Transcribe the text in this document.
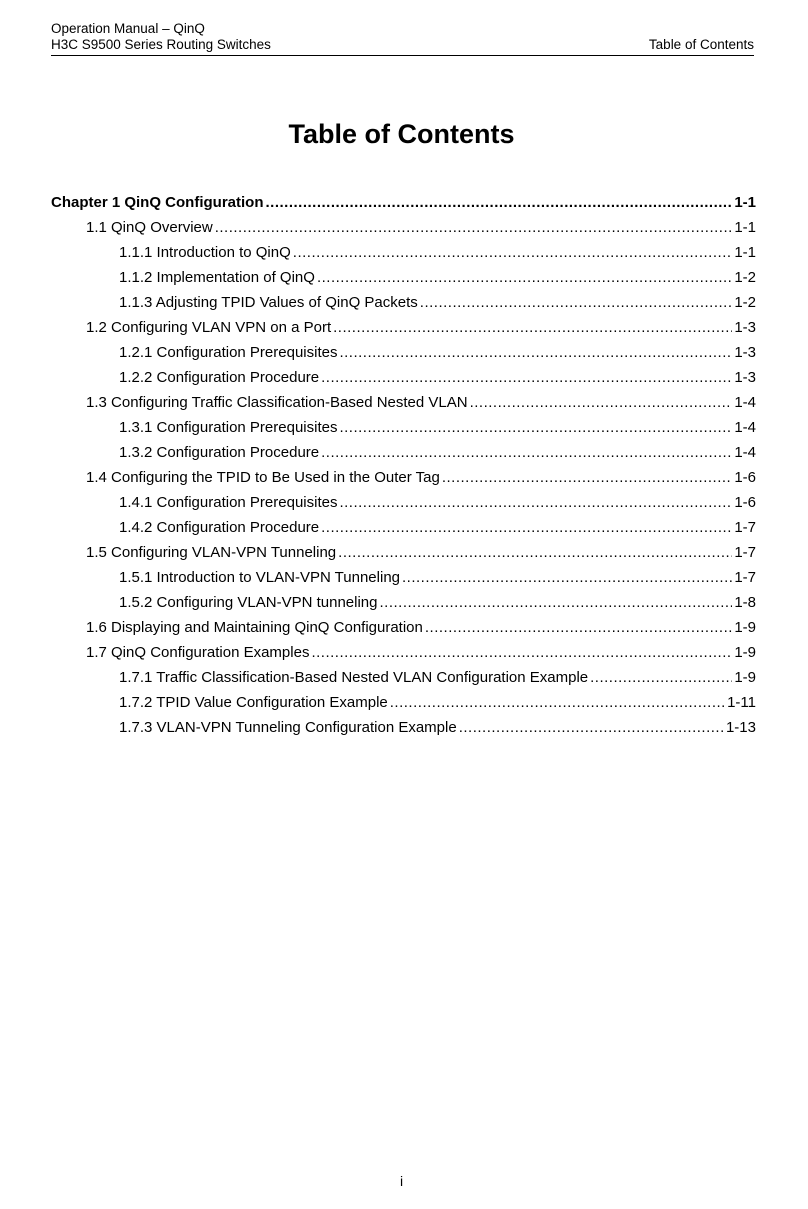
Operation Manual – QinQ
H3C S9500 Series Routing Switches	Table of Contents
Table of Contents
Chapter 1 QinQ Configuration .....	1-1
1.1 QinQ Overview .....	1-1
1.1.1 Introduction to QinQ .....	1-1
1.1.2 Implementation of QinQ .....	1-2
1.1.3 Adjusting TPID Values of QinQ Packets .....	1-2
1.2 Configuring VLAN VPN on a Port .....	1-3
1.2.1 Configuration Prerequisites .....	1-3
1.2.2 Configuration Procedure .....	1-3
1.3 Configuring Traffic Classification-Based Nested VLAN .....	1-4
1.3.1 Configuration Prerequisites .....	1-4
1.3.2 Configuration Procedure .....	1-4
1.4 Configuring the TPID to Be Used in the Outer Tag .....	1-6
1.4.1 Configuration Prerequisites .....	1-6
1.4.2 Configuration Procedure .....	1-7
1.5 Configuring VLAN-VPN Tunneling .....	1-7
1.5.1 Introduction to VLAN-VPN Tunneling .....	1-7
1.5.2 Configuring VLAN-VPN tunneling .....	1-8
1.6 Displaying and Maintaining QinQ Configuration .....	1-9
1.7 QinQ Configuration Examples .....	1-9
1.7.1 Traffic Classification-Based Nested VLAN Configuration Example .....	1-9
1.7.2 TPID Value Configuration Example .....	1-11
1.7.3 VLAN-VPN Tunneling Configuration Example .....	1-13
i
